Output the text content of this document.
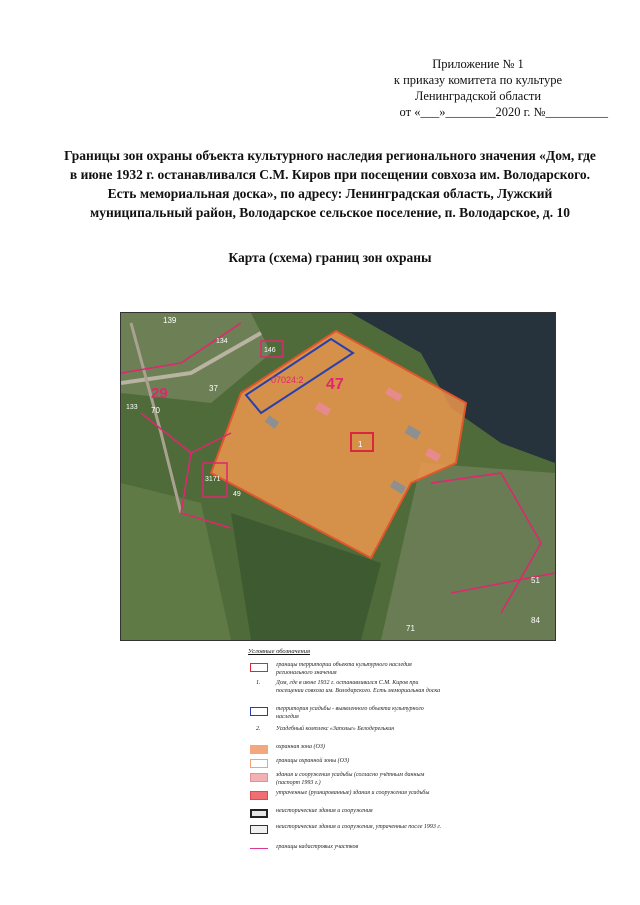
Приложение № 1
к приказу комитета по культуре
Ленинградской области
от «___»________2020 г. №__________
Границы зон охраны объекта культурного наследия регионального значения «Дом, где в июне 1932 г. останавливался С.М. Киров при посещении совхоза им. Володарского. Есть мемориальная доска», по адресу: Ленинградская область, Лужский муниципальный район, Володарское сельское поселение, п. Володарское, д. 10
Карта (схема) границ зон охраны
07024:2 47
1
29
139
146
134
37
133 70
3171
49
71
51
84
Условные обозначения
границы территории объекта культурного наследия регионального значения
1.	Дом, где в июне 1932 г. останавливался С.М. Киров при посещении совхоза им. Володарского. Есть мемориальная доска
территория усадьбы - выявленного объекта культурного наследия
2.	Усадебный комплекс «Заполье» Белодерелькин
охранная зона (ОЗ)
границы охранной зоны (ОЗ)
здания и сооружения усадьбы (согласно учётным данным (паспорт 1993 г.)
утраченные (руинированные) здания и сооружения усадьбы
неисторические здания и сооружения
неисторические здания и сооружения, утраченные после 1993 г.
границы кадастровых участков
